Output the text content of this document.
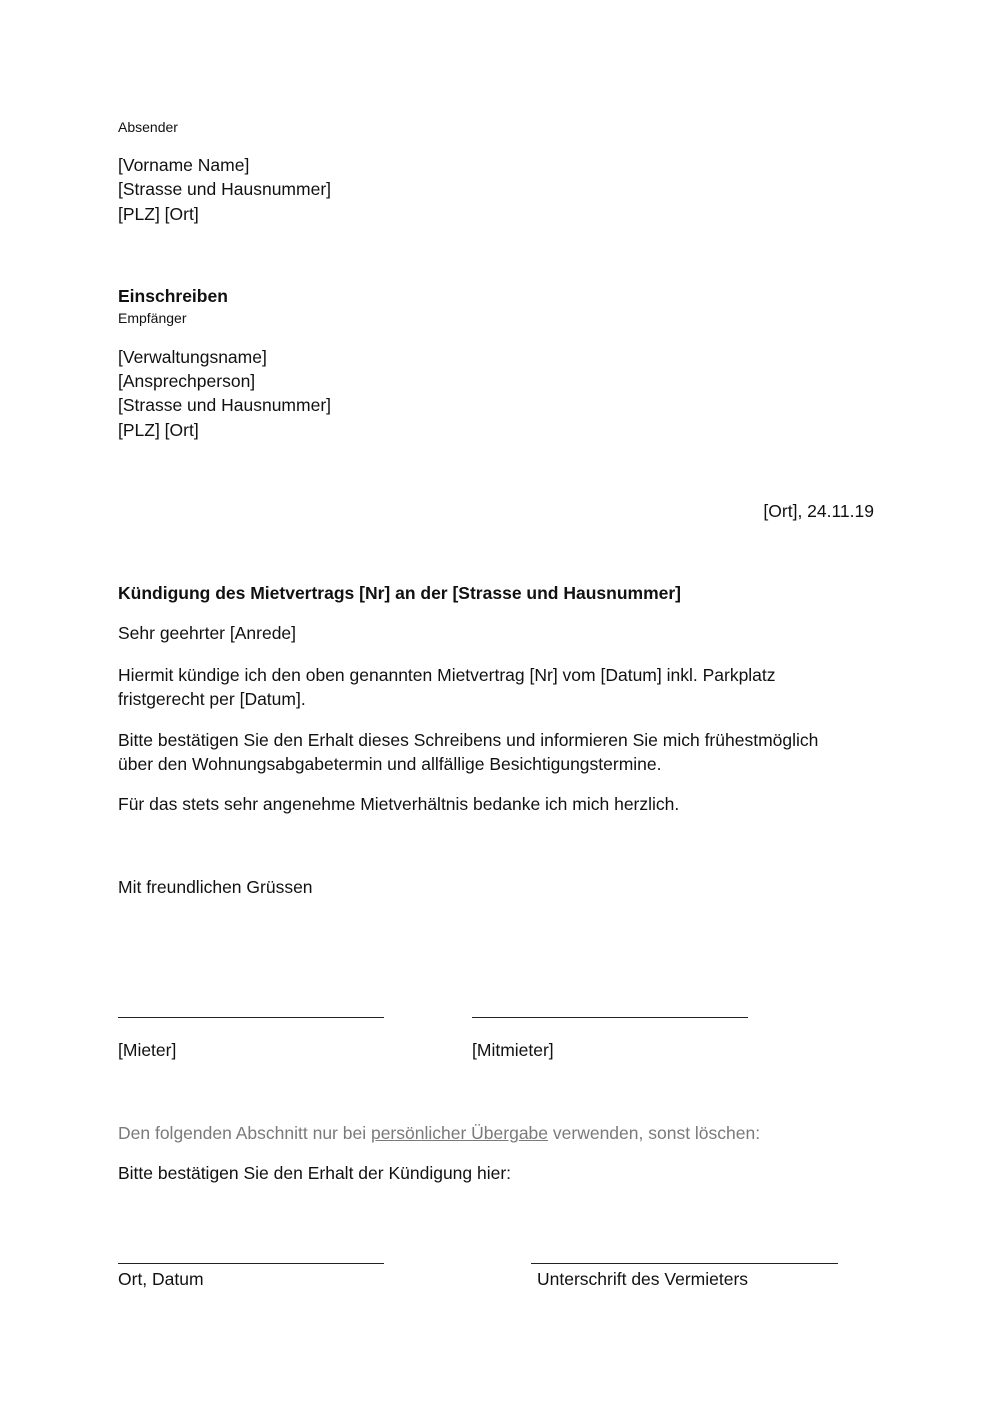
Absender
[Vorname Name]
[Strasse und Hausnummer]
[PLZ] [Ort]
Einschreiben
Empfänger
[Verwaltungsname]
[Ansprechperson]
[Strasse und Hausnummer]
[PLZ] [Ort]
[Ort], 24.11.19
Kündigung des Mietvertrags [Nr] an der [Strasse und Hausnummer]
Sehr geehrter [Anrede]
Hiermit kündige ich den oben genannten Mietvertrag [Nr] vom [Datum] inkl. Parkplatz
fristgerecht per [Datum].
Bitte bestätigen Sie den Erhalt dieses Schreibens und informieren Sie mich frühestmöglich
über den Wohnungsabgabetermin und allfällige Besichtigungstermine.
Für das stets sehr angenehme Mietverhältnis bedanke ich mich herzlich.
Mit freundlichen Grüssen
[Mieter]	[Mitmieter]
Den folgenden Abschnitt nur bei persönlicher Übergabe verwenden, sonst löschen:
Bitte bestätigen Sie den Erhalt der Kündigung hier:
Ort, Datum	Unterschrift des Vermieters
